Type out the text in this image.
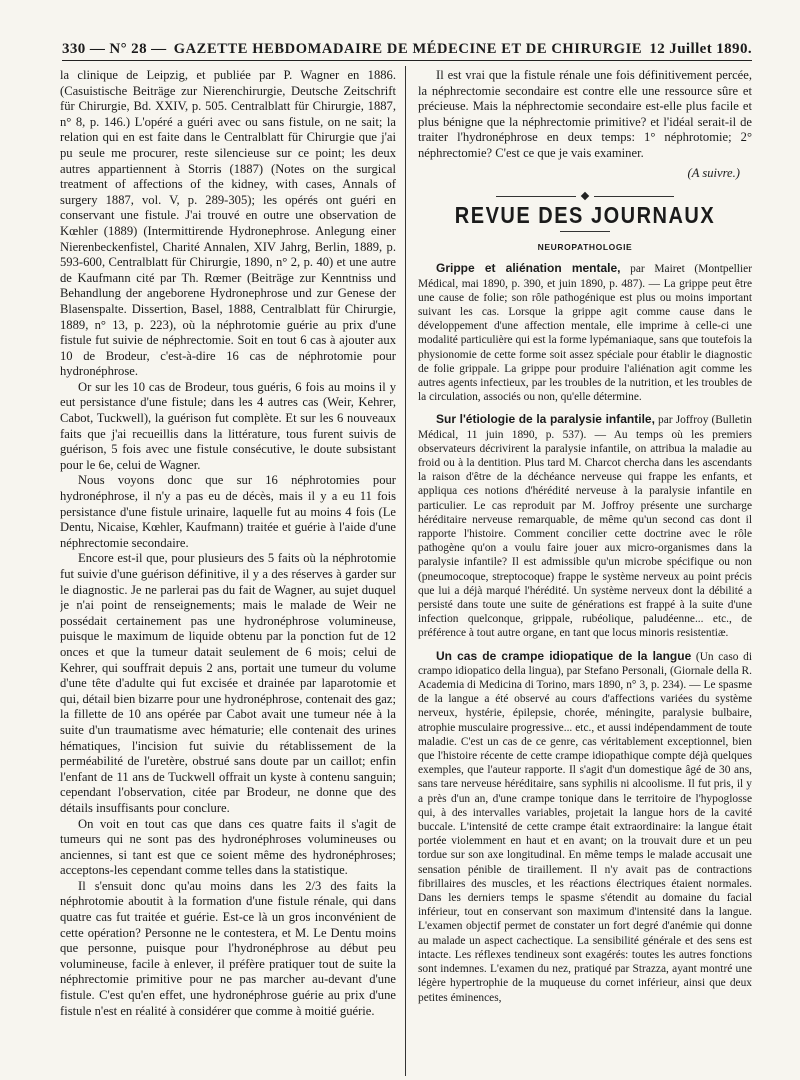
330 — N° 28 — GAZETTE HEBDOMADAIRE DE MÉDECINE ET DE CHIRURGIE 12 Juillet 1890.

la clinique de Leipzig, et publiée par P. Wagner en 1886. (Casuistische Beiträge zur Nierenchirurgie, Deutsche Zeitschrift für Chirurgie, Bd. XXIV, p. 505. Centralblatt für Chirurgie, 1887, n° 8, p. 146.) L'opéré a guéri avec ou sans fistule, on ne sait; la relation qui en est faite dans le Centralblatt für Chirurgie que j'ai pu seule me procurer, reste silencieuse sur ce point; les deux autres appartiennent à Storris (1887) (Notes on the surgical treatment of affections of the kidney, with cases, Annals of surgery 1887, vol. V, p. 289-305); les opérés ont guéri en conservant une fistule. J'ai trouvé en outre une observation de Kœhler (1889) (Intermittirende Hydronephrose. Anlegung einer Nierenbeckenfistel, Charité Annalen, XIV Jahrg, Berlin, 1889, p. 593-600, Centralblatt für Chirurgie, 1890, n° 2, p. 40) et une autre de Kaufmann cité par Th. Rœmer (Beiträge zur Kenntniss und Behandlung der angeborene Hydronephrose und zur Genese der Blasenspalte. Dissertion, Basel, 1888, Centralblatt für Chirurgie, 1889, n° 13, p. 223), où la néphrotomie guérie au prix d'une fistule fut suivie de néphrectomie. Soit en tout 6 cas à ajouter aux 10 de Brodeur, c'est-à-dire 16 cas de néphrotomie pour hydronéphrose.

Or sur les 10 cas de Brodeur, tous guéris, 6 fois au moins il y eut persistance d'une fistule; dans les 4 autres cas (Weir, Kehrer, Cabot, Tuckwell), la guérison fut complète. Et sur les 6 nouveaux faits que j'ai recueillis dans la littérature, tous furent suivis de guérison, 5 fois avec une fistule consécutive, le doute subsistant pour le 6e, celui de Wagner.

Nous voyons donc que sur 16 néphrotomies pour hydronéphrose, il n'y a pas eu de décès, mais il y a eu 11 fois persistance d'une fistule urinaire, laquelle fut au moins 4 fois (Le Dentu, Nicaise, Kœhler, Kaufmann) traitée et guérie à l'aide d'une néphrectomie secondaire.

Encore est-il que, pour plusieurs des 5 faits où la néphrotomie fut suivie d'une guérison définitive, il y a des réserves à garder sur le diagnostic. Je ne parlerai pas du fait de Wagner, au sujet duquel je n'ai point de renseignements; mais le malade de Weir ne possédait certainement pas une hydronéphrose volumineuse, puisque le maximum de liquide obtenu par la ponction fut de 12 onces et que la tumeur datait seulement de 6 mois; celui de Kehrer, qui souffrait depuis 2 ans, portait une tumeur du volume d'une tête d'adulte qui fut excisée et drainée par laparotomie et qui, détail bien bizarre pour une hydronéphrose, contenait des gaz; la fillette de 10 ans opérée par Cabot avait une tumeur née à la suite d'un traumatisme avec hématurie; elle contenait des urines hématiques, l'incision fut suivie du rétablissement de la perméabilité de l'uretère, obstrué sans doute par un caillot; enfin l'enfant de 11 ans de Tuckwell offrait un kyste à contenu sanguin; cependant l'observation, citée par Brodeur, ne donne que des détails insuffisants pour conclure.

On voit en tout cas que dans ces quatre faits il s'agit de tumeurs qui ne sont pas des hydronéphroses volumineuses ou anciennes, si tant est que ce soient même des hydronéphroses; acceptons-les cependant comme telles dans la statistique.

Il s'ensuit donc qu'au moins dans les 2/3 des faits la néphrotomie aboutit à la formation d'une fistule rénale, qui dans quatre cas fut traitée et guérie. Est-ce là un gros inconvénient de cette opération? Personne ne le contestera, et M. Le Dentu moins que personne, puisque pour l'hydronéphrose au début peu volumineuse, facile à enlever, il préfère pratiquer tout de suite la néphrectomie primitive pour ne pas marcher au-devant d'une fistule. C'est qu'en effet, une hydronéphrose guérie au prix d'une fistule n'est en réalité à considérer que comme à moitié guérie.

Il est vrai que la fistule rénale une fois définitivement percée, la néphrectomie secondaire est contre elle une ressource sûre et précieuse. Mais la néphrectomie secondaire est-elle plus facile et plus bénigne que la néphrectomie primitive? et l'idéal serait-il de traiter l'hydronéphrose en deux temps: 1° néphrotomie; 2° néphrectomie? C'est ce que je vais examiner.

(A suivre.)

REVUE DES JOURNAUX
NEUROPATHOLOGIE

Grippe et aliénation mentale, par Mairet (Montpellier Médical, mai 1890, p. 390, et juin 1890, p. 487). — La grippe peut être une cause de folie; son rôle pathogénique est plus ou moins important suivant les cas. Lorsque la grippe agit comme cause dans le développement d'une affection mentale, elle imprime à celle-ci une modalité particulière qui est la forme lypémaniaque, sans que toutefois la physionomie de cette forme soit assez spéciale pour établir le diagnostic de folie grippale. La grippe pour produire l'aliénation agit comme les autres agents infectieux, par les troubles de la nutrition, et les troubles de la circulation, associés ou non, qu'elle détermine.

Sur l'étiologie de la paralysie infantile, par Joffroy (Bulletin Médical, 11 juin 1890, p. 537). — Au temps où les premiers observateurs décrivirent la paralysie infantile, on attribua la maladie au froid ou à la dentition. Plus tard M. Charcot chercha dans les ascendants la raison d'être de la déchéance nerveuse qui frappe les enfants, et appliqua ces notions d'hérédité nerveuse à la paralysie infantile en particulier. Le cas reproduit par M. Joffroy présente une surcharge héréditaire nerveuse remarquable, de même qu'un second cas dont il rapporte l'histoire. Comment concilier cette doctrine avec le rôle pathogène qu'on a voulu faire jouer aux micro-organismes dans la paralysie infantile? Il est admissible qu'un microbe spécifique ou non (pneumocoque, streptocoque) frappe le système nerveux au point précis que lui a déjà marqué l'hérédité. Un système nerveux dont la débilité a persisté dans toute une suite de générations est frappé à la suite d'une infection quelconque, grippale, rubéolique, paludéenne... etc., de préférence à tout autre organe, en tant que locus minoris resistentiæ.

Un cas de crampe idiopatique de la langue (Un caso di crampo idiopatico della lingua), par Stefano Personali, (Giornale della R. Academia di Medicina di Torino, mars 1890, n° 3, p. 234). — Le spasme de la langue a été observé au cours d'affections variées du système nerveux, hystérie, épilepsie, chorée, méningite, paralysie bulbaire, atrophie musculaire progressive... etc., et aussi indépendamment de toute maladie. C'est un cas de ce genre, cas véritablement exceptionnel, bien que l'histoire récente de cette crampe idiopathique compte déjà quelques exemples, que l'auteur rapporte. Il s'agit d'un domestique âgé de 30 ans, sans tare nerveuse héréditaire, sans syphilis ni alcoolisme. Il fut pris, il y a près d'un an, d'une crampe tonique dans le territoire de l'hypoglosse qui, à des intervalles variables, projetait la langue hors de la cavité buccale. L'intensité de cette crampe était extraordinaire: la langue était portée violemment en haut et en avant; on la trouvait dure et un peu tordue sur son axe longitudinal. En même temps le malade accusait une sensation pénible de tiraillement. Il n'y avait pas de contractions fibrillaires des muscles, et les réactions électriques étaient normales. Dans les derniers temps le spasme s'étendit au domaine du facial inférieur, tout en conservant son maximum d'intensité dans la langue. L'examen objectif permet de constater un fort degré d'anémie qui donne au malade un aspect cachectique. La sensibilité générale et des sens est intacte. Les réflexes tendineux sont exagérés: toutes les autres fonctions sont indemnes. L'examen du nez, pratiqué par Strazza, ayant montré une légère hypertrophie de la muqueuse du cornet inférieur, ainsi que deux petites éminences,
